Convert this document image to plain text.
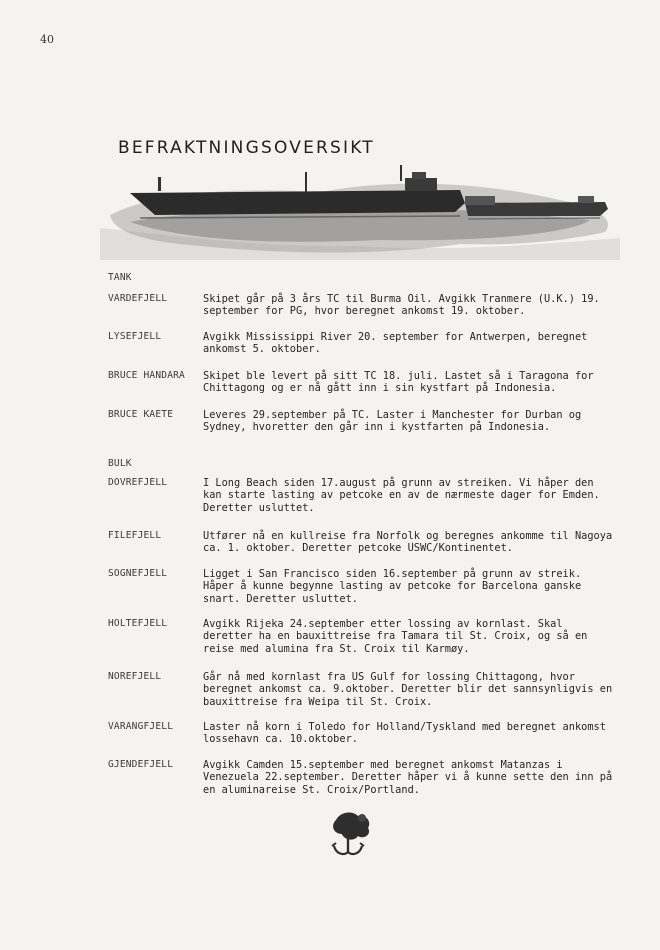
40
BEFRAKTNINGSOVERSIKT
TANK
VARDEFJELL	Skipet går på 3 års TC til Burma Oil. Avgikk Tranmere (U.K.) 19. september for PG, hvor beregnet ankomst 19. oktober.
LYSEFJELL	Avgikk Mississippi River 20. september for Antwerpen, beregnet ankomst 5. oktober.
BRUCE HANDARA	Skipet ble levert på sitt TC 18. juli. Lastet så i Taragona for Chittagong og er nå gått inn i sin kystfart på Indonesia.
BRUCE KAETE	Leveres 29.september på TC. Laster i Manchester for Durban og Sydney, hvoretter den går inn i kystfarten på Indonesia.
BULK
DOVREFJELL	I Long Beach siden 17.august på grunn av streiken. Vi håper den kan starte lasting av petcoke en av de nærmeste dager for Emden. Deretter usluttet.
FILEFJELL	Utfører nå en kullreise fra Norfolk og beregnes ankomme til Nagoya ca. 1. oktober. Deretter petcoke USWC/Kontinentet.
SOGNEFJELL	Ligget i San Francisco siden 16.september på grunn av streik. Håper å kunne begynne lasting av petcoke for Barcelona ganske snart. Deretter usluttet.
HOLTEFJELL	Avgikk Rijeka 24.september etter lossing av kornlast. Skal deretter ha en bauxittreise fra Tamara til St. Croix, og så en reise med alumina fra St. Croix til Karmøy.
NOREFJELL	Går nå med kornlast fra US Gulf for lossing Chittagong, hvor beregnet ankomst ca. 9.oktober. Deretter blir det sannsynligvis en bauxittreise fra Weipa til St. Croix.
VARANGFJELL	Laster nå korn i Toledo for Holland/Tyskland med beregnet ankomst lossehavn ca. 10.oktober.
GJENDEFJELL	Avgikk Camden 15.september med beregnet ankomst Matanzas i Venezuela 22.september. Deretter håper vi å kunne sette den inn på en aluminareise St. Croix/Portland.
